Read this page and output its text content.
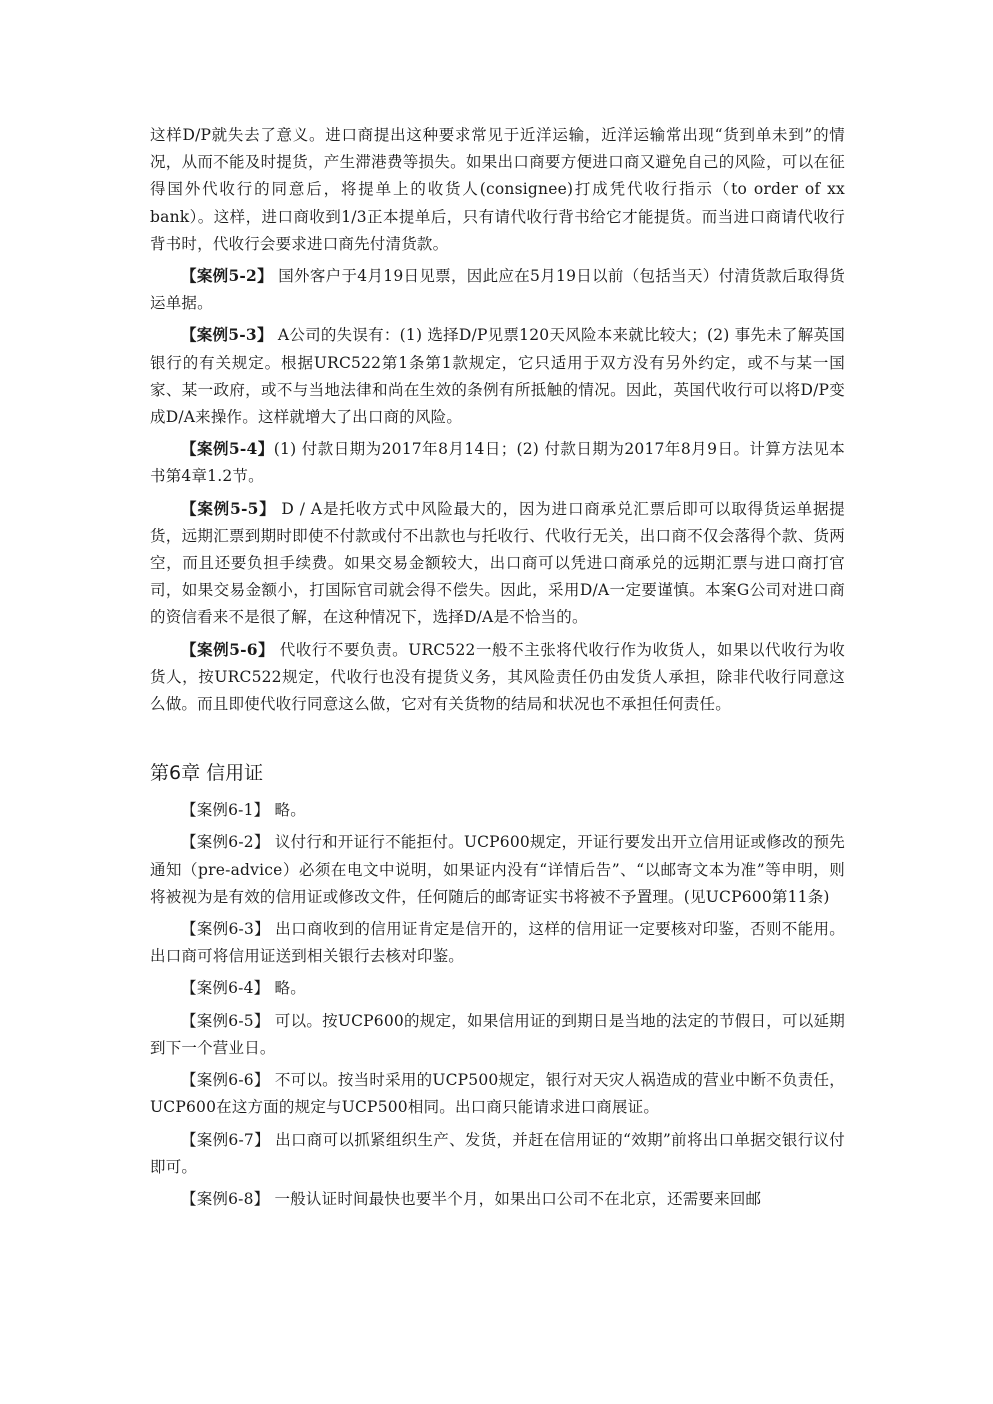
这样D/P就失去了意义。进口商提出这种要求常见于近洋运输，近洋运输常出现“货到单未到”的情况，从而不能及时提货，产生滞港费等损失。如果出口商要方便进口商又避免自己的风险，可以在征得国外代收行的同意后，将提单上的收货人(consignee)打成凭代收行指示（to order of xx bank）。这样，进口商收到1/3正本提单后，只有请代收行背书给它才能提货。而当进口商请代收行背书时，代收行会要求进口商先付清货款。

【案例5-2】 国外客户于4月19日见票，因此应在5月19日以前（包括当天）付清货款后取得货运单据。

【案例5-3】 A公司的失误有：(1) 选择D/P见票120天风险本来就比较大；(2) 事先未了解英国银行的有关规定。根据URC522第1条第1款规定，它只适用于双方没有另外约定，或不与某一国家、某一政府，或不与当地法律和尚在生效的条例有所抵触的情况。因此，英国代收行可以将D/P变成D/A来操作。这样就增大了出口商的风险。

【案例5-4】(1) 付款日期为2017年8月14日；(2) 付款日期为2017年8月9日。计算方法见本书第4章1.2节。

【案例5-5】 D / A是托收方式中风险最大的，因为进口商承兑汇票后即可以取得货运单据提货，远期汇票到期时即使不付款或付不出款也与托收行、代收行无关，出口商不仅会落得个款、货两空，而且还要负担手续费。如果交易金额较大，出口商可以凭进口商承兑的远期汇票与进口商打官司，如果交易金额小，打国际官司就会得不偿失。因此，采用D/A一定要谨慎。本案G公司对进口商的资信看来不是很了解，在这种情况下，选择D/A是不恰当的。

【案例5-6】 代收行不要负责。URC522一般不主张将代收行作为收货人，如果以代收行为收货人，按URC522规定，代收行也没有提货义务，其风险责任仍由发货人承担，除非代收行同意这么做。而且即使代收行同意这么做，它对有关货物的结局和状况也不承担任何责任。

第6章 信用证

【案例6-1】 略。

【案例6-2】 议付行和开证行不能拒付。UCP600规定，开证行要发出开立信用证或修改的预先通知（pre-advice）必须在电文中说明，如果证内没有“详情后告”、“以邮寄文本为准”等申明，则将被视为是有效的信用证或修改文件，任何随后的邮寄证实书将被不予置理。(见UCP600第11条)

【案例6-3】 出口商收到的信用证肯定是信开的，这样的信用证一定要核对印鉴，否则不能用。出口商可将信用证送到相关银行去核对印鉴。

【案例6-4】 略。

【案例6-5】 可以。按UCP600的规定，如果信用证的到期日是当地的法定的节假日，可以延期到下一个营业日。

【案例6-6】 不可以。按当时采用的UCP500规定，银行对天灾人祸造成的营业中断不负责任，UCP600在这方面的规定与UCP500相同。出口商只能请求进口商展证。

【案例6-7】 出口商可以抓紧组织生产、发货，并赶在信用证的“效期”前将出口单据交银行议付即可。

【案例6-8】 一般认证时间最快也要半个月，如果出口公司不在北京，还需要来回邮
